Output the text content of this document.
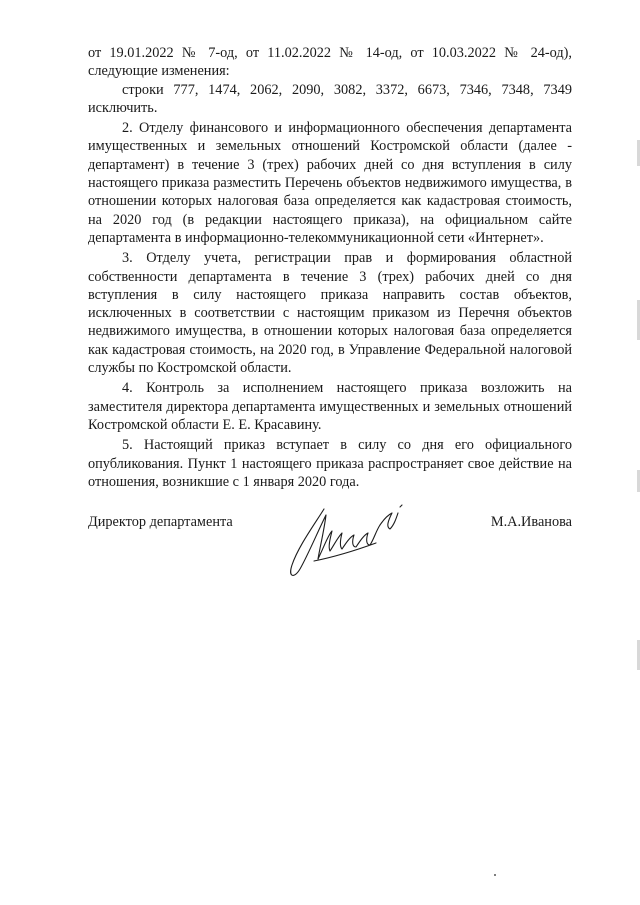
от 19.01.2022 № 7-од, от 11.02.2022 № 14-од, от 10.03.2022 № 24-од), следующие изменения:

строки 777, 1474, 2062, 2090, 3082, 3372, 6673, 7346, 7348, 7349 исключить.

2. Отделу финансового и информационного обеспечения департамента имущественных и земельных отношений Костромской области (далее - департамент) в течение 3 (трех) рабочих дней со дня вступления в силу настоящего приказа разместить Перечень объектов недвижимого имущества, в отношении которых налоговая база определяется как кадастровая стоимость, на 2020 год (в редакции настоящего приказа), на официальном сайте департамента в информационно-телекоммуникационной сети «Интернет».

3. Отделу учета, регистрации прав и формирования областной собственности департамента в течение 3 (трех) рабочих дней со дня вступления в силу настоящего приказа направить состав объектов, исключенных в соответствии с настоящим приказом из Перечня объектов недвижимого имущества, в отношении которых налоговая база определяется как кадастровая стоимость, на 2020 год, в Управление Федеральной налоговой службы по Костромской области.

4. Контроль за исполнением настоящего приказа возложить на заместителя директора департамента имущественных и земельных отношений Костромской области Е. Е. Красавину.

5. Настоящий приказ вступает в силу со дня его официального опубликования. Пункт 1 настоящего приказа распространяет свое действие на отношения, возникшие с 1 января 2020 года.

Директор департамента	М.А.Иванова
